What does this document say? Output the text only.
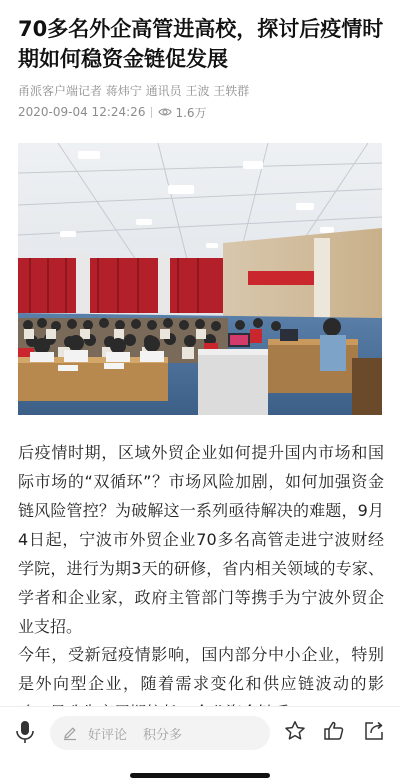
70多名外企高管进高校，探讨后疫情时期如何稳资金链促发展
甬派客户端记者 蒋炜宁 通讯员 王波 王轶群
2020-09-04 12:24:26	1.6万

后疫情时期，区域外贸企业如何提升国内市场和国际市场的“双循环”？市场风险加剧，如何加强资金链风险管控？为破解这一系列亟待解决的难题，9月4日起，宁波市外贸企业70多名高管走进宁波财经学院，进行为期3天的研修，省内相关领域的专家、学者和企业家，政府主管部门等携手为宁波外贸企业支招。

今年，受新冠疫情影响，国内部分中小企业，特别是外向型企业，随着需求变化和供应链波动的影

好评论 积分多
